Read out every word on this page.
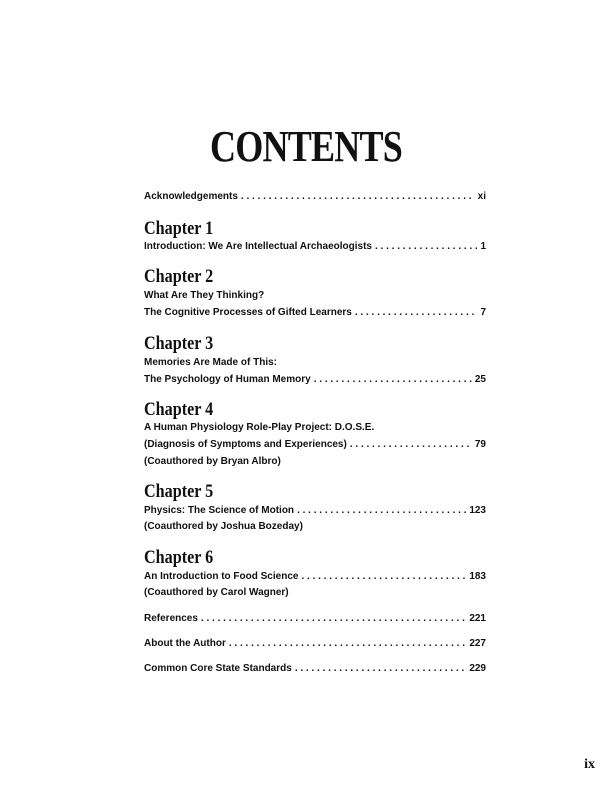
CONTENTS
Acknowledgements . . .	xi
Chapter 1
Introduction: We Are Intellectual Archaeologists . . .	1
Chapter 2
What Are They Thinking?
The Cognitive Processes of Gifted Learners . . .	7
Chapter 3
Memories Are Made of This:
The Psychology of Human Memory . . .	25
Chapter 4
A Human Physiology Role-Play Project: D.O.S.E.
(Diagnosis of Symptoms and Experiences) . . .	79
(Coauthored by Bryan Albro)
Chapter 5
Physics: The Science of Motion . . .	123
(Coauthored by Joshua Bozeday)
Chapter 6
An Introduction to Food Science . . .	183
(Coauthored by Carol Wagner)
References . . .	221
About the Author . . .	227
Common Core State Standards . . .	229
ix
